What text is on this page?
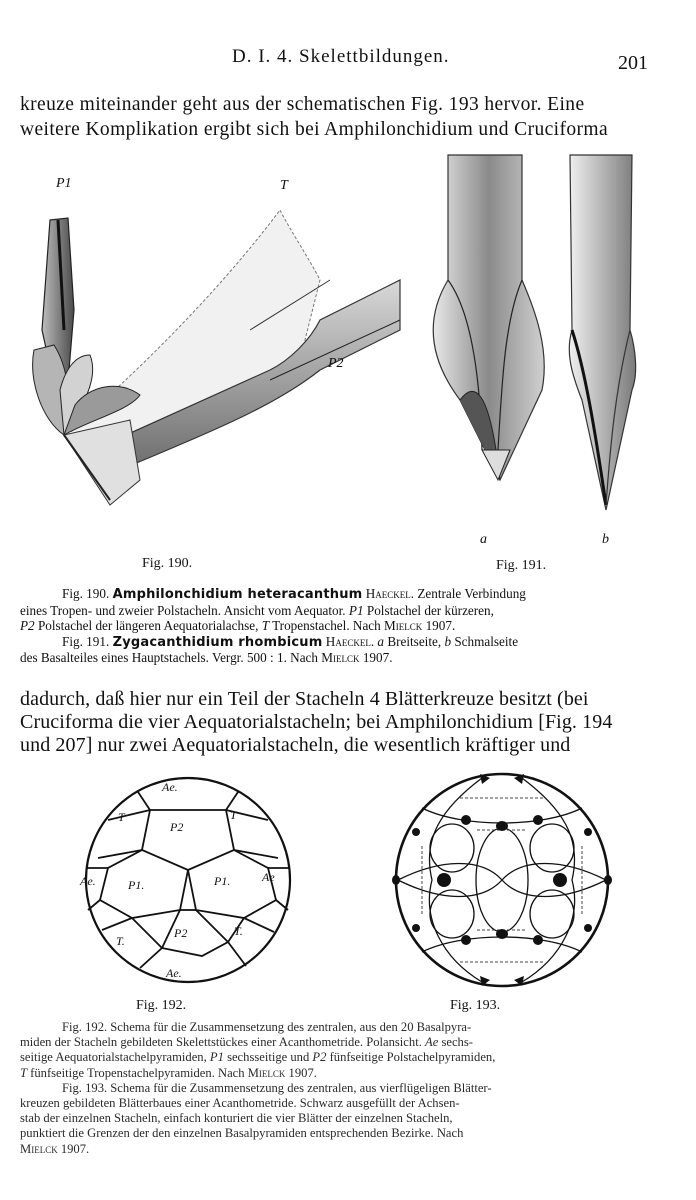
D. I. 4. Skelettbildungen.	201
kreuze miteinander geht aus der schematischen Fig. 193 hervor. Eine
weitere Komplikation ergibt sich bei Amphilonchidium und Cruciforma
P1	T
P2
Fig. 190.
a	b
Fig. 191.
Fig. 190. Amphilonchidium heteracanthum Haeckel. Zentrale Verbindung
eines Tropen- und zweier Polstacheln. Ansicht vom Aequator. P1 Polstachel der kürzeren,
P2 Polstachel der längeren Aequatorialachse, T Tropenstachel. Nach Mielck 1907.
Fig. 191. Zygacanthidium rhombicum Haeckel. a Breitseite, b Schmalseite
des Basalteiles eines Hauptstachels. Vergr. 500 : 1. Nach Mielck 1907.
dadurch, daß hier nur ein Teil der Stacheln 4 Blätterkreuze besitzt (bei
Cruciforma die vier Aequatorialstacheln; bei Amphilonchidium [Fig. 194
und 207] nur zwei Aequatorialstacheln, die wesentlich kräftiger und
Ae.
T
P2
T
Ae.	P1.	P1.	Ae
T.
P2	T.
Ae.
Fig. 192.	Fig. 193.
Fig. 192. Schema für die Zusammensetzung des zentralen, aus den 20 Basalpyra-
miden der Stacheln gebildeten Skelettstückes einer Acanthometride. Polansicht. Ae sechs-
seitige Aequatorialstachelpyramiden, P1 sechsseitige und P2 fünfseitige Polstachelpyramiden,
T fünfseitige Tropenstachelpyramiden. Nach Mielck 1907.
Fig. 193. Schema für die Zusammensetzung des zentralen, aus vierflügeligen Blätter-
kreuzen gebildeten Blätterbaues einer Acanthometride. Schwarz ausgefüllt der Achsen-
stab der einzelnen Stacheln, einfach konturiert die vier Blätter der einzelnen Stacheln,
punktiert die Grenzen der den einzelnen Basalpyramiden entsprechenden Bezirke. Nach
Mielck 1907.
